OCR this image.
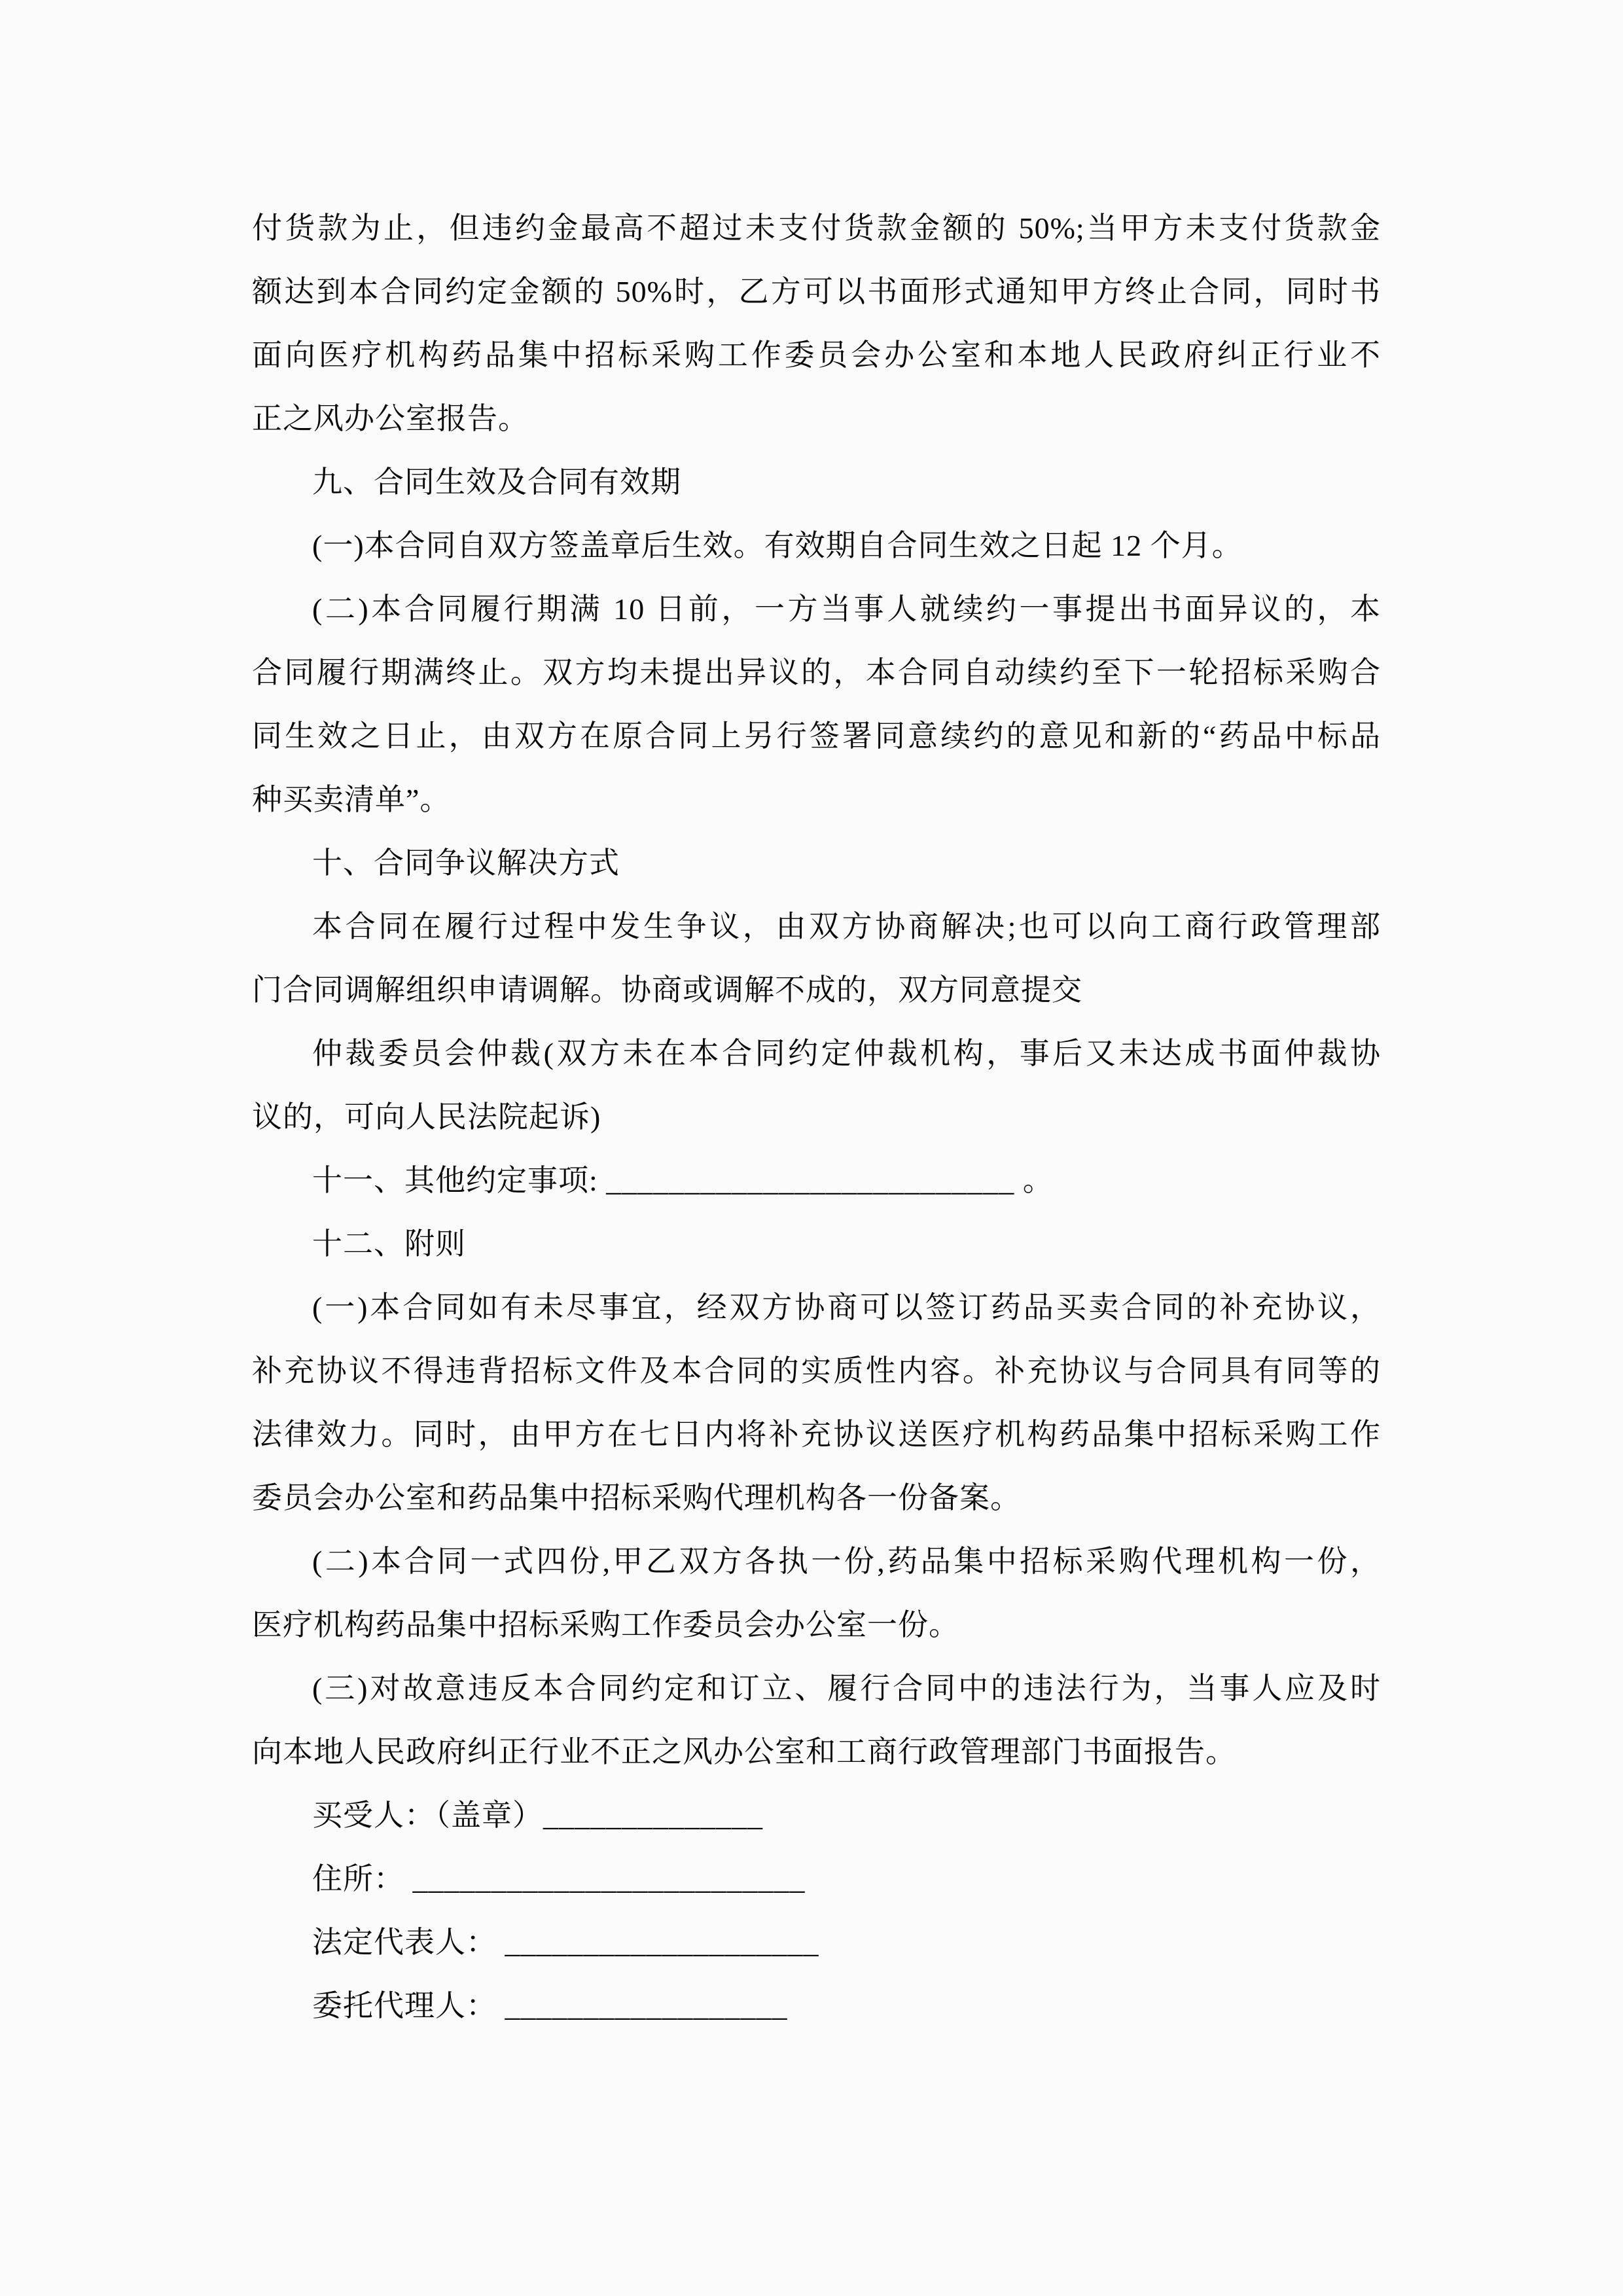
付货款为止，但违约金最高不超过未支付货款金额的 50%;当甲方未支付货款金
额达到本合同约定金额的 50%时，乙方可以书面形式通知甲方终止合同，同时书
面向医疗机构药品集中招标采购工作委员会办公室和本地人民政府纠正行业不
正之风办公室报告。
九、合同生效及合同有效期
(一)本合同自双方签盖章后生效。有效期自合同生效之日起 12 个月。
(二)本合同履行期满 10 日前，一方当事人就续约一事提出书面异议的，本
合同履行期满终止。双方均未提出异议的，本合同自动续约至下一轮招标采购合
同生效之日止，由双方在原合同上另行签署同意续约的意见和新的“药品中标品
种买卖清单”。
十、合同争议解决方式
本合同在履行过程中发生争议，由双方协商解决;也可以向工商行政管理部
门合同调解组织申请调解。协商或调解不成的，双方同意提交
仲裁委员会仲裁(双方未在本合同约定仲裁机构，事后又未达成书面仲裁协
议的，可向人民法院起诉)
十一、其他约定事项: __________________________ 。
十二、附则
(一)本合同如有未尽事宜，经双方协商可以签订药品买卖合同的补充协议，
补充协议不得违背招标文件及本合同的实质性内容。补充协议与合同具有同等的
法律效力。同时，由甲方在七日内将补充协议送医疗机构药品集中招标采购工作
委员会办公室和药品集中招标采购代理机构各一份备案。
(二)本合同一式四份,甲乙双方各执一份,药品集中招标采购代理机构一份，
医疗机构药品集中招标采购工作委员会办公室一份。
(三)对故意违反本合同约定和订立、履行合同中的违法行为，当事人应及时
向本地人民政府纠正行业不正之风办公室和工商行政管理部门书面报告。
买受人：（盖章）______________
住所： _________________________
法定代表人： ____________________
委托代理人： __________________
